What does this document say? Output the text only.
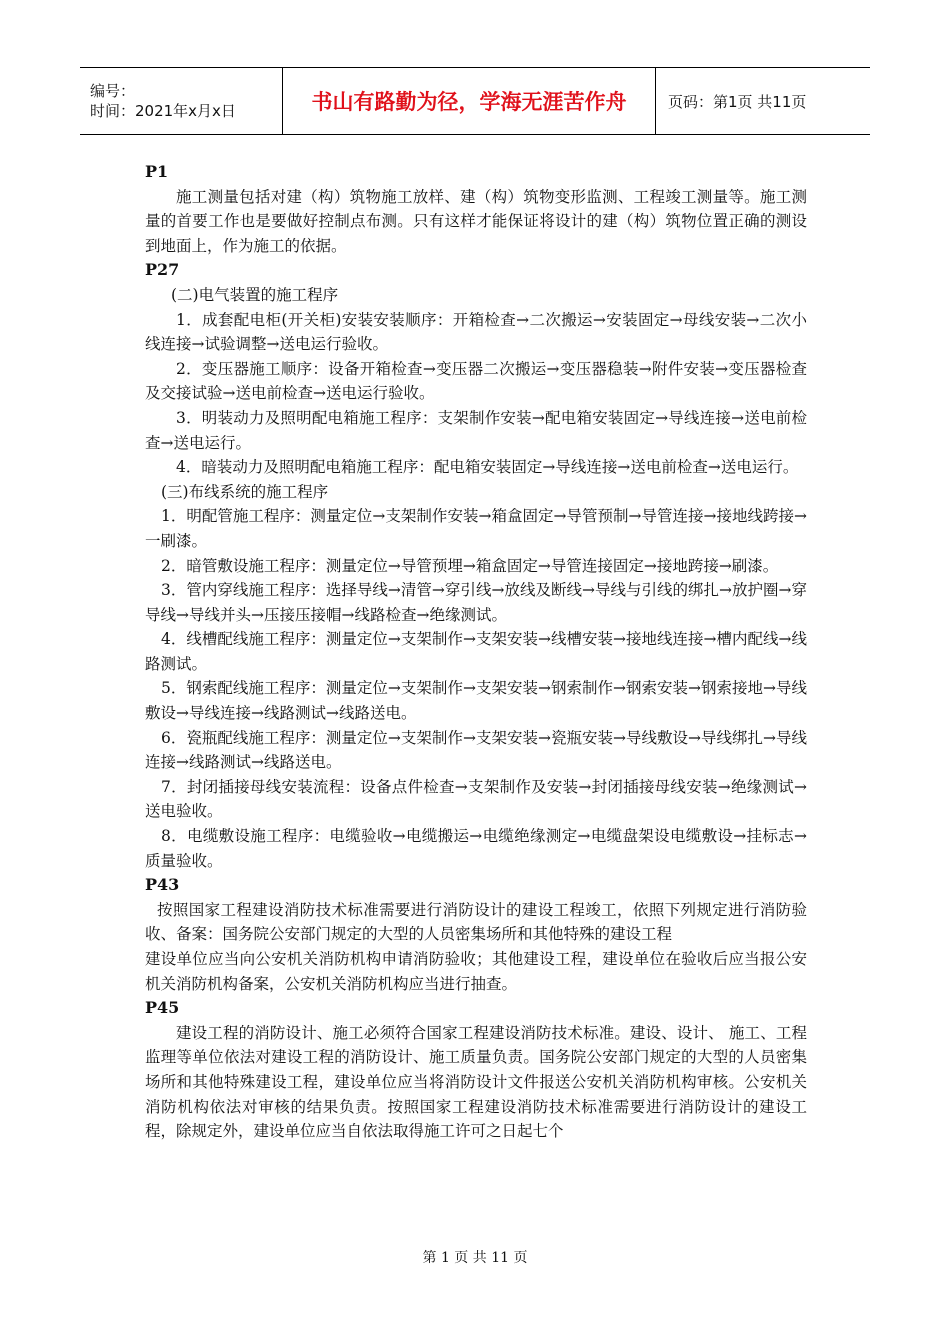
编号：
时间：2021年x月x日	书山有路勤为径，学海无涯苦作舟	页码：第1页 共11页

P1

施工测量包括对建（构）筑物施工放样、建（构）筑物变形监测、工程竣工测量等。施工测量的首要工作也是要做好控制点布测。只有这样才能保证将设计的建（构）筑物位置正确的测设到地面上，作为施工的依据。

P27

(二)电气装置的施工程序

1．成套配电柜(开关柜)安装安装顺序：开箱检查→二次搬运→安装固定→母线安装→二次小线连接→试验调整→送电运行验收。

2．变压器施工顺序：设备开箱检查→变压器二次搬运→变压器稳装→附件安装→变压器检查及交接试验→送电前检查→送电运行验收。

3．明装动力及照明配电箱施工程序：支架制作安装→配电箱安装固定→导线连接→送电前检查→送电运行。

4．暗装动力及照明配电箱施工程序：配电箱安装固定→导线连接→送电前检查→送电运行。

(三)布线系统的施工程序

1．明配管施工程序：测量定位→支架制作安装→箱盒固定→导管预制→导管连接→接地线跨接→一刷漆。

2．暗管敷设施工程序：测量定位→导管预埋→箱盒固定→导管连接固定→接地跨接→刷漆。

3．管内穿线施工程序：选择导线→清管→穿引线→放线及断线→导线与引线的绑扎→放护圈→穿导线→导线并头→压接压接帽→线路检查→绝缘测试。

4．线槽配线施工程序：测量定位→支架制作→支架安装→线槽安装→接地线连接→槽内配线→线路测试。

5．钢索配线施工程序：测量定位→支架制作→支架安装→钢索制作→钢索安装→钢索接地→导线敷设→导线连接→线路测试→线路送电。

6．瓷瓶配线施工程序：测量定位→支架制作→支架安装→瓷瓶安装→导线敷设→导线绑扎→导线连接→线路测试→线路送电。

7．封闭插接母线安装流程：设备点件检查→支架制作及安装→封闭插接母线安装→绝缘测试→送电验收。

8．电缆敷设施工程序：电缆验收→电缆搬运→电缆绝缘测定→电缆盘架设电缆敷设→挂标志→质量验收。

P43

按照国家工程建设消防技术标准需要进行消防设计的建设工程竣工，依照下列规定进行消防验收、备案：国务院公安部门规定的大型的人员密集场所和其他特殊的建设工程

建设单位应当向公安机关消防机构申请消防验收；其他建设工程，建设单位在验收后应当报公安机关消防机构备案，公安机关消防机构应当进行抽查。

P45

建设工程的消防设计、施工必须符合国家工程建设消防技术标准。建设、设计、 施工、工程监理等单位依法对建设工程的消防设计、施工质量负责。国务院公安部门规定的大型的人员密集场所和其他特殊建设工程，建设单位应当将消防设计文件报送公安机关消防机构审核。公安机关消防机构依法对审核的结果负责。按照国家工程建设消防技术标准需要进行消防设计的建设工程，除规定外，建设单位应当自依法取得施工许可之日起七个

第 1 页 共 11 页
